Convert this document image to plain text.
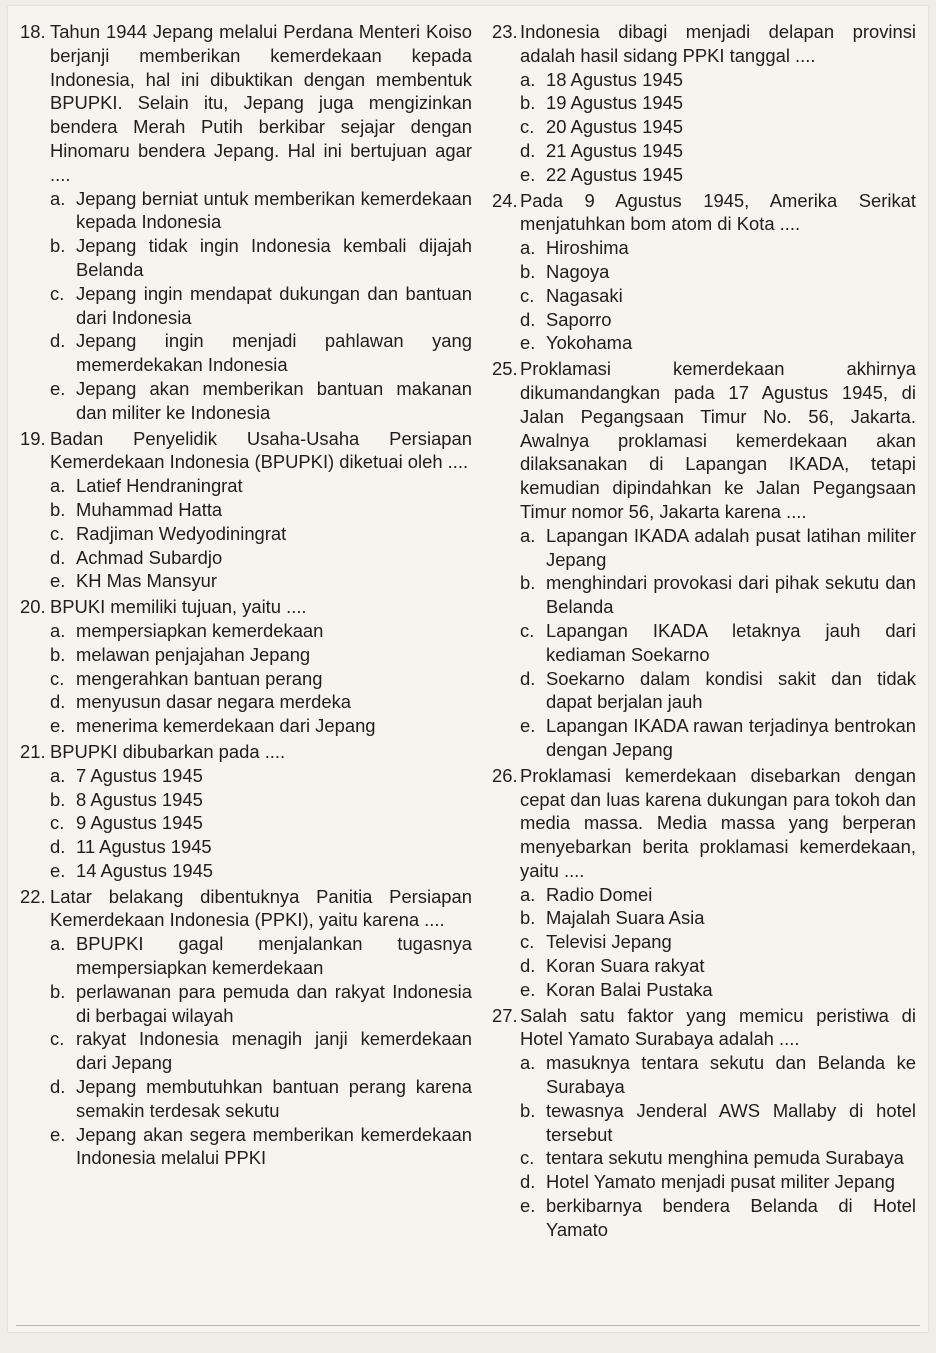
18. Tahun 1944 Jepang melalui Perdana Menteri Koiso berjanji memberikan kemerdekaan kepada Indonesia, hal ini dibuktikan dengan membentuk BPUPKI. Selain itu, Jepang juga mengizinkan bendera Merah Putih berkibar sejajar dengan Hinomaru bendera Jepang. Hal ini bertujuan agar ....
a. Jepang berniat untuk memberikan kemerdekaan kepada Indonesia
b. Jepang tidak ingin Indonesia kembali dijajah Belanda
c. Jepang ingin mendapat dukungan dan bantuan dari Indonesia
d. Jepang ingin menjadi pahlawan yang memerdekakan Indonesia
e. Jepang akan memberikan bantuan makanan dan militer ke Indonesia
19. Badan Penyelidik Usaha-Usaha Persiapan Kemerdekaan Indonesia (BPUPKI) diketuai oleh ....
a. Latief Hendraningrat
b. Muhammad Hatta
c. Radjiman Wedyodiningrat
d. Achmad Subardjo
e. KH Mas Mansyur
20. BPUKI memiliki tujuan, yaitu ....
a. mempersiapkan kemerdekaan
b. melawan penjajahan Jepang
c. mengerahkan bantuan perang
d. menyusun dasar negara merdeka
e. menerima kemerdekaan dari Jepang
21. BPUPKI dibubarkan pada ....
a. 7 Agustus 1945
b. 8 Agustus 1945
c. 9 Agustus 1945
d. 11 Agustus 1945
e. 14 Agustus 1945
22. Latar belakang dibentuknya Panitia Persiapan Kemerdekaan Indonesia (PPKI), yaitu karena ....
a. BPUPKI gagal menjalankan tugasnya mempersiapkan kemerdekaan
b. perlawanan para pemuda dan rakyat Indonesia di berbagai wilayah
c. rakyat Indonesia menagih janji kemerdekaan dari Jepang
d. Jepang membutuhkan bantuan perang karena semakin terdesak sekutu
e. Jepang akan segera memberikan kemerdekaan Indonesia melalui PPKI
23. Indonesia dibagi menjadi delapan provinsi adalah hasil sidang PPKI tanggal ....
a. 18 Agustus 1945
b. 19 Agustus 1945
c. 20 Agustus 1945
d. 21 Agustus 1945
e. 22 Agustus 1945
24. Pada 9 Agustus 1945, Amerika Serikat menjatuhkan bom atom di Kota ....
a. Hiroshima
b. Nagoya
c. Nagasaki
d. Saporro
e. Yokohama
25. Proklamasi kemerdekaan akhirnya dikumandangkan pada 17 Agustus 1945, di Jalan Pegangsaan Timur No. 56, Jakarta. Awalnya proklamasi kemerdekaan akan dilaksanakan di Lapangan IKADA, tetapi kemudian dipindahkan ke Jalan Pegangsaan Timur nomor 56, Jakarta karena ....
a. Lapangan IKADA adalah pusat latihan militer Jepang
b. menghindari provokasi dari pihak sekutu dan Belanda
c. Lapangan IKADA letaknya jauh dari kediaman Soekarno
d. Soekarno dalam kondisi sakit dan tidak dapat berjalan jauh
e. Lapangan IKADA rawan terjadinya bentrokan dengan Jepang
26. Proklamasi kemerdekaan disebarkan dengan cepat dan luas karena dukungan para tokoh dan media massa. Media massa yang berperan menyebarkan berita proklamasi kemerdekaan, yaitu ....
a. Radio Domei
b. Majalah Suara Asia
c. Televisi Jepang
d. Koran Suara rakyat
e. Koran Balai Pustaka
27. Salah satu faktor yang memicu peristiwa di Hotel Yamato Surabaya adalah ....
a. masuknya tentara sekutu dan Belanda ke Surabaya
b. tewasnya Jenderal AWS Mallaby di hotel tersebut
c. tentara sekutu menghina pemuda Surabaya
d. Hotel Yamato menjadi pusat militer Jepang
e. berkibarnya bendera Belanda di Hotel Yamato
